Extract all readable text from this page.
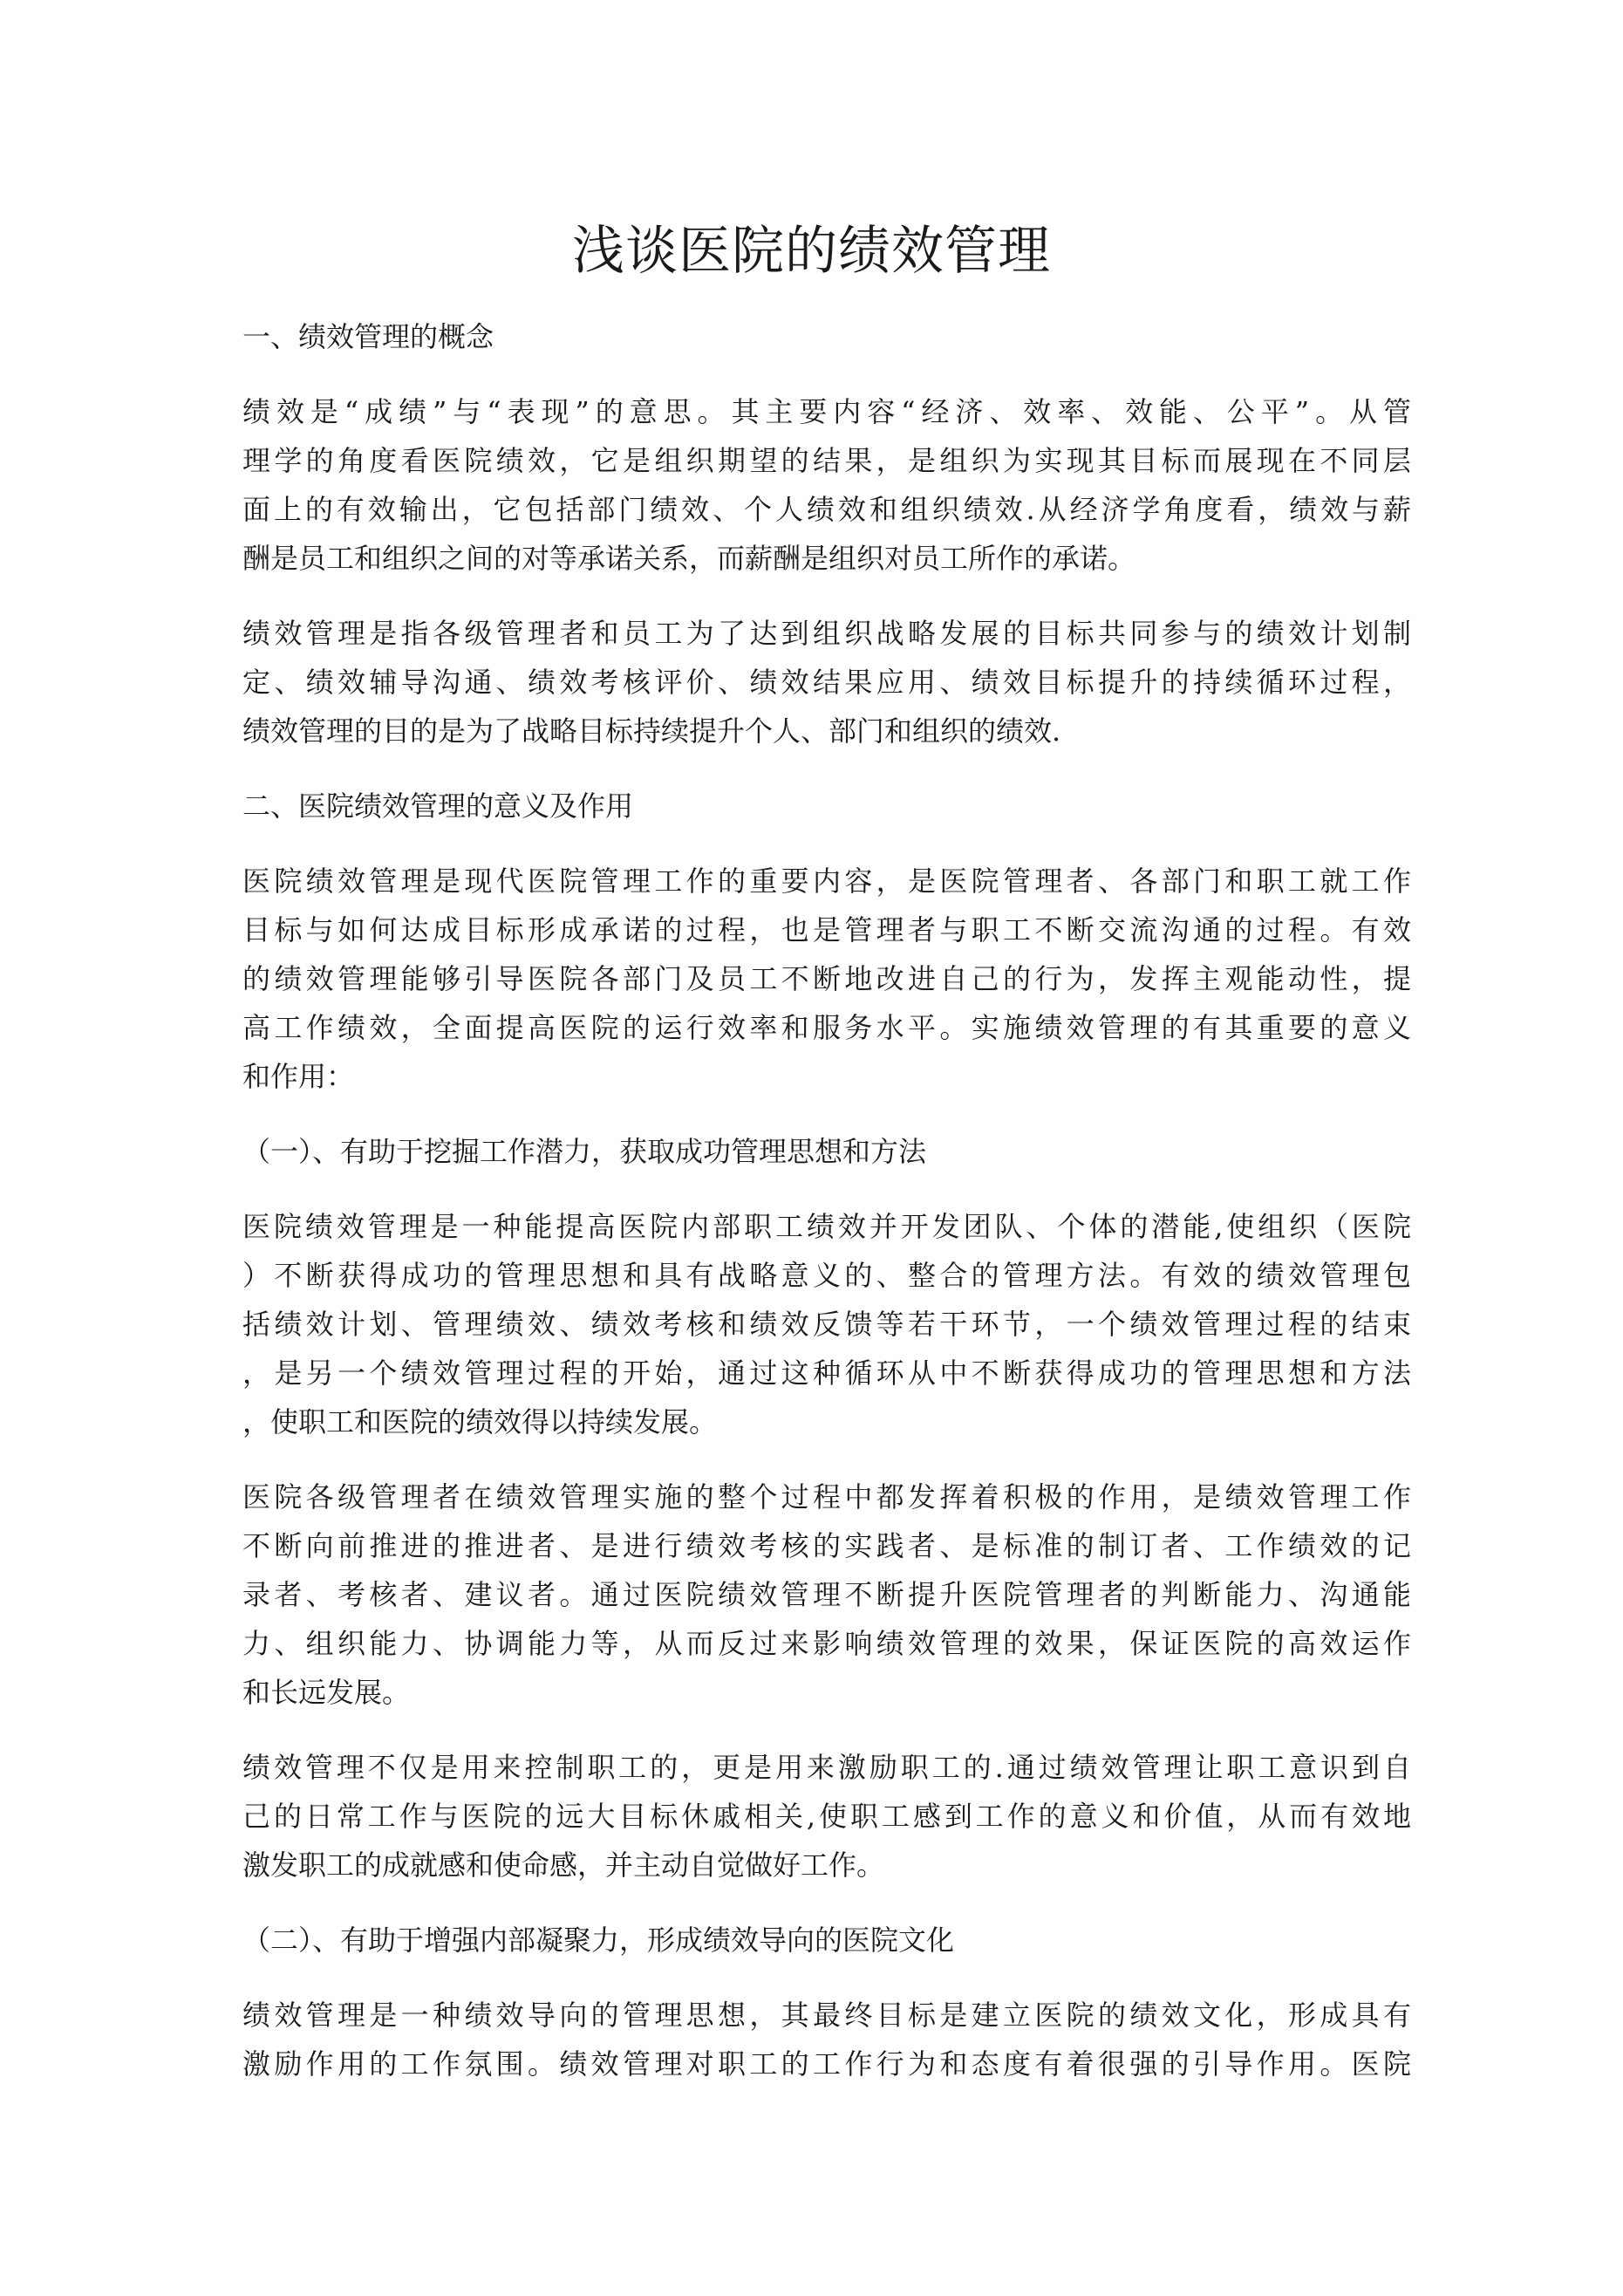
浅谈医院的绩效管理
一、绩效管理的概念
绩效是“成绩”与“表现”的意思。其主要内容“经济、效率、效能、公平”。从管
理学的角度看医院绩效，它是组织期望的结果，是组织为实现其目标而展现在不同层
面上的有效输出，它包括部门绩效、个人绩效和组织绩效.从经济学角度看，绩效与薪
酬是员工和组织之间的对等承诺关系，而薪酬是组织对员工所作的承诺。
绩效管理是指各级管理者和员工为了达到组织战略发展的目标共同参与的绩效计划制
定、绩效辅导沟通、绩效考核评价、绩效结果应用、绩效目标提升的持续循环过程，
绩效管理的目的是为了战略目标持续提升个人、部门和组织的绩效.
二、医院绩效管理的意义及作用
医院绩效管理是现代医院管理工作的重要内容，是医院管理者、各部门和职工就工作
目标与如何达成目标形成承诺的过程，也是管理者与职工不断交流沟通的过程。有效
的绩效管理能够引导医院各部门及员工不断地改进自己的行为，发挥主观能动性，提
高工作绩效，全面提高医院的运行效率和服务水平。实施绩效管理的有其重要的意义
和作用：
（一）、有助于挖掘工作潜力，获取成功管理思想和方法
医院绩效管理是一种能提高医院内部职工绩效并开发团队、个体的潜能,使组织（医院
）不断获得成功的管理思想和具有战略意义的、整合的管理方法。有效的绩效管理包
括绩效计划、管理绩效、绩效考核和绩效反馈等若干环节，一个绩效管理过程的结束
，是另一个绩效管理过程的开始，通过这种循环从中不断获得成功的管理思想和方法
，使职工和医院的绩效得以持续发展。
医院各级管理者在绩效管理实施的整个过程中都发挥着积极的作用，是绩效管理工作
不断向前推进的推进者、是进行绩效考核的实践者、是标准的制订者、工作绩效的记
录者、考核者、建议者。通过医院绩效管理不断提升医院管理者的判断能力、沟通能
力、组织能力、协调能力等，从而反过来影响绩效管理的效果，保证医院的高效运作
和长远发展。
绩效管理不仅是用来控制职工的，更是用来激励职工的.通过绩效管理让职工意识到自
己的日常工作与医院的远大目标休戚相关,使职工感到工作的意义和价值，从而有效地
激发职工的成就感和使命感，并主动自觉做好工作。
（二）、有助于增强内部凝聚力，形成绩效导向的医院文化
绩效管理是一种绩效导向的管理思想，其最终目标是建立医院的绩效文化，形成具有
激励作用的工作氛围。绩效管理对职工的工作行为和态度有着很强的引导作用。医院
